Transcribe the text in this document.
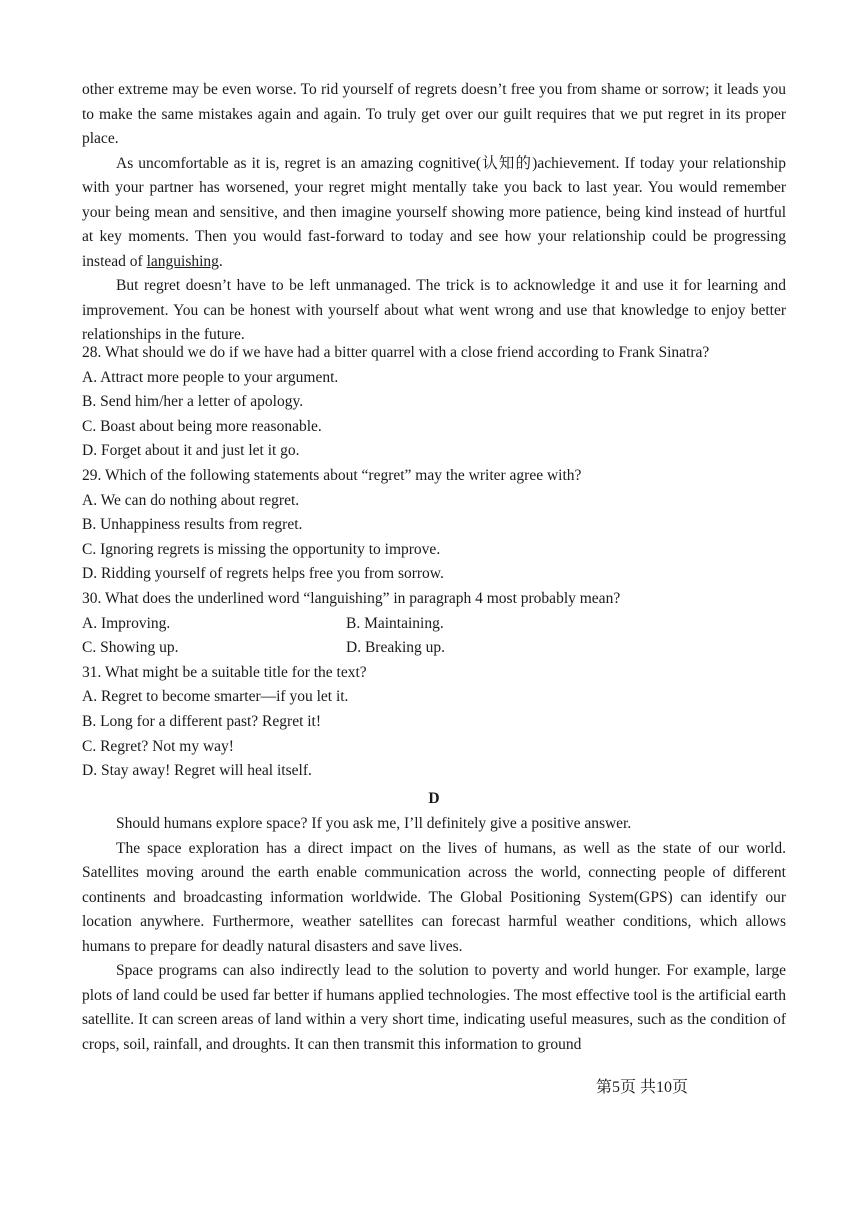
other extreme may be even worse. To rid yourself of regrets doesn’t free you from shame or sorrow; it leads you to make the same mistakes again and again. To truly get over our guilt requires that we put regret in its proper place.

As uncomfortable as it is, regret is an amazing cognitive(认知的)achievement. If today your relationship with your partner has worsened, your regret might mentally take you back to last year. You would remember your being mean and sensitive, and then imagine yourself showing more patience, being kind instead of hurtful at key moments. Then you would fast-forward to today and see how your relationship could be progressing instead of languishing.

But regret doesn’t have to be left unmanaged. The trick is to acknowledge it and use it for learning and improvement. You can be honest with yourself about what went wrong and use that knowledge to enjoy better relationships in the future.

28. What should we do if we have had a bitter quarrel with a close friend according to Frank Sinatra?

A. Attract more people to your argument.

B. Send him/her a letter of apology.

C. Boast about being more reasonable.

D. Forget about it and just let it go.

29. Which of the following statements about “regret” may the writer agree with?

A. We can do nothing about regret.

B. Unhappiness results from regret.

C. Ignoring regrets is missing the opportunity to improve.

D. Ridding yourself of regrets helps free you from sorrow.

30. What does the underlined word “languishing” in paragraph 4 most probably mean?

A. Improving.	B. Maintaining.
C. Showing up.	D. Breaking up.

31. What might be a suitable title for the text?

A. Regret to become smarter—if you let it.

B. Long for a different past? Regret it!

C. Regret? Not my way!

D. Stay away! Regret will heal itself.

D

Should humans explore space? If you ask me, I’ll definitely give a positive answer.

The space exploration has a direct impact on the lives of humans, as well as the state of our world. Satellites moving around the earth enable communication across the world, connecting people of different continents and broadcasting information worldwide. The Global Positioning System(GPS) can identify our location anywhere. Furthermore, weather satellites can forecast harmful weather conditions, which allows humans to prepare for deadly natural disasters and save lives.

Space programs can also indirectly lead to the solution to poverty and world hunger. For example, large plots of land could be used far better if humans applied technologies. The most effective tool is the artificial earth satellite. It can screen areas of land within a very short time, indicating useful measures, such as the condition of crops, soil, rainfall, and droughts. It can then transmit this information to ground

第5页 共10页
